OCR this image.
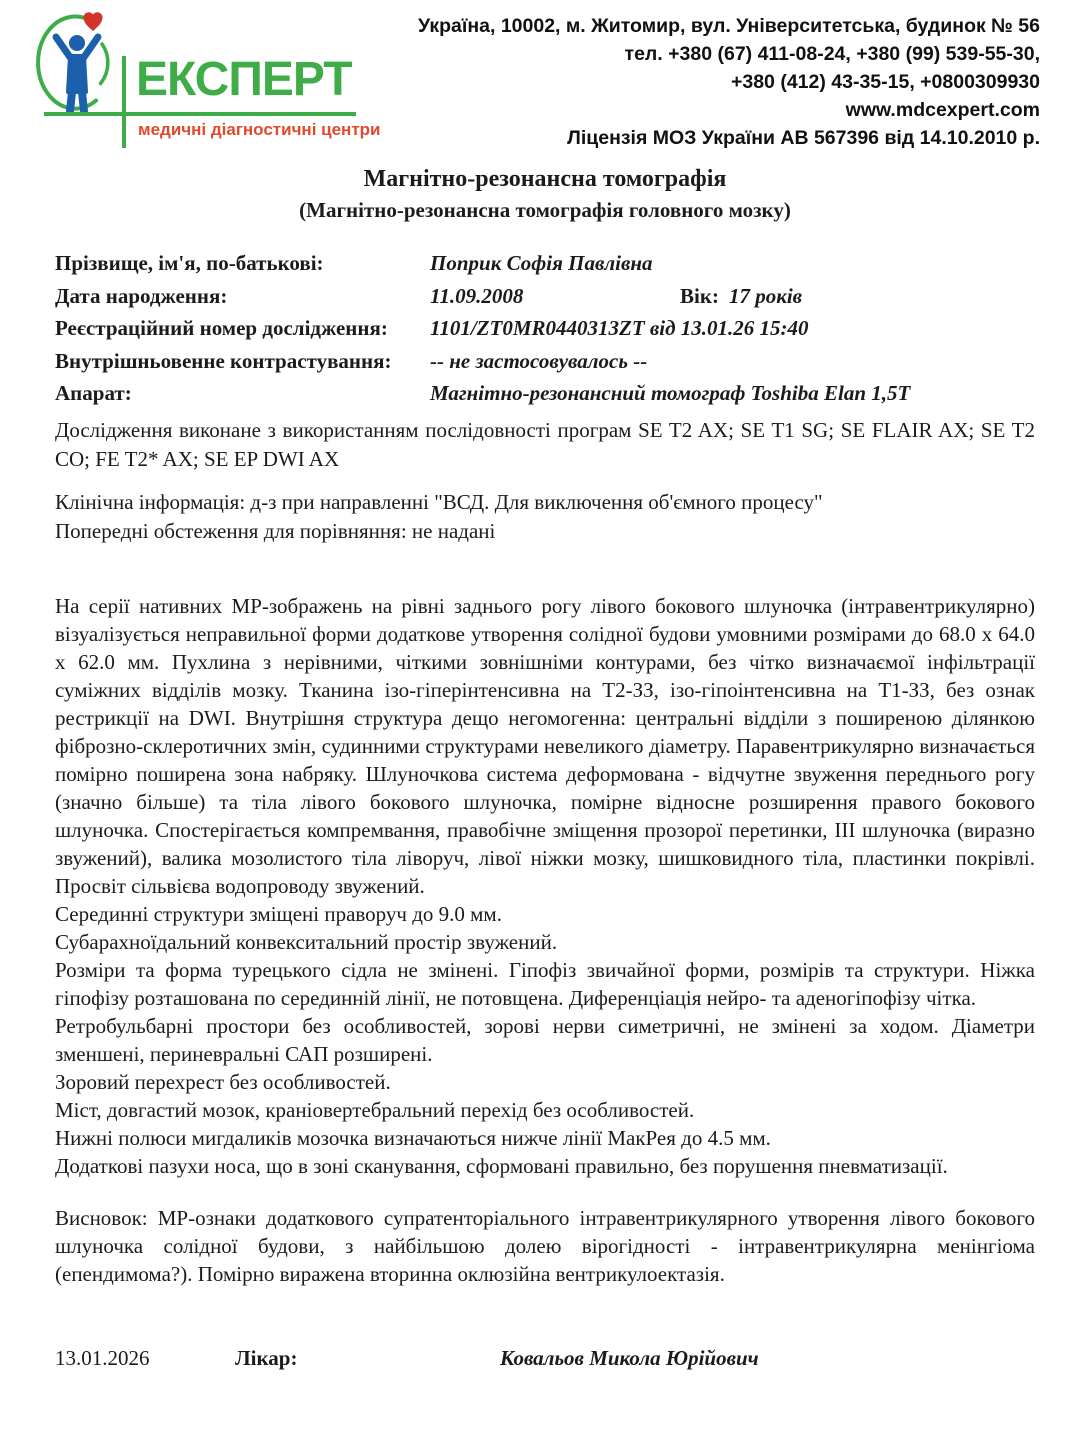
ЕКСПЕРТ
медичні діагностичні центри
Україна, 10002, м. Житомир, вул. Університетська, будинок № 56
тел. +380 (67) 411-08-24, +380 (99) 539-55-30,
+380 (412) 43-35-15, +0800309930
www.mdcexpert.com
Ліцензія МОЗ України АВ 567396 від 14.10.2010 р.
Магнітно-резонансна томографія
(Магнітно-резонансна томографія головного мозку)
Прізвище, ім'я, по-батькові:	Поприк Софія Павлівна
Дата народження:	11.09.2008	Вік: 17 років
Реєстраційний номер дослідження:	1101/ZT0MR0440313ZT від 13.01.26 15:40
Внутрішньовенне контрастування:	-- не застосовувалось --
Апарат:	Магнітно-резонансний томограф Toshiba Elan 1,5T
Дослідження виконане з використанням послідовності програм SE T2 AX; SE T1 SG; SE FLAIR AX; SE T2 CO; FE T2* AX; SE EP DWI AX
Клінічна інформація: д-з при направленні "ВСД. Для виключення об'ємного процесу"
Попередні обстеження для порівняння: не надані

На серії нативних МР-зображень на рівні заднього рогу лівого бокового шлуночка (інтравентрикулярно) візуалізується неправильної форми додаткове утворення солідної будови умовними розмірами до 68.0 х 64.0 х 62.0 мм. Пухлина з нерівними, чіткими зовнішніми контурами, без чітко визначаємої інфільтрації суміжних відділів мозку. Тканина ізо-гіперінтенсивна на Т2-ЗЗ, ізо-гіпоінтенсивна на Т1-ЗЗ, без ознак рестрикції на DWI. Внутрішня структура дещо негомогенна: центральні відділи з поширеною ділянкою фіброзно-склеротичних змін, судинними структурами невеликого діаметру. Паравентрикулярно визначається помірно поширена зона набряку. Шлуночкова система деформована - відчутне звуження переднього рогу (значно більше) та тіла лівого бокового шлуночка, помірне відносне розширення правого бокового шлуночка. Спостерігається компремвання, правобічне зміщення прозорої перетинки, ІІІ шлуночка (виразно звужений), валика мозолистого тіла ліворуч, лівої ніжки мозку, шишковидного тіла, пластинки покрівлі. Просвіт сільвієва водопроводу звужений.

Серединні структури зміщені праворуч до 9.0 мм.

Субарахноїдальний конвекситальний простір звужений.

Розміри та форма турецького сідла не змінені. Гіпофіз звичайної форми, розмірів та структури. Ніжка гіпофізу розташована по серединній лінії, не потовщена. Диференціація нейро- та аденогіпофізу чітка.

Ретробульбарні простори без особливостей, зорові нерви симетричні, не змінені за ходом. Діаметри зменшені, периневральні САП розширені.

Зоровий перехрест без особливостей.

Міст, довгастий мозок, краніовертебральний перехід без особливостей.

Нижні полюси мигдаликів мозочка визначаються нижче лінії МакРея до 4.5 мм.

Додаткові пазухи носа, що в зоні сканування, сформовані правильно, без порушення пневматизації.

Висновок: МР-ознаки додаткового супратенторіального інтравентрикулярного утворення лівого бокового шлуночка солідної будови, з найбільшою долею вірогідності - інтравентрикулярна менінгіома (епендимома?). Помірно виражена вторинна оклюзійна вентрикулоектазія.
13.01.2026	Лікар:	Ковальов Микола Юрійович
